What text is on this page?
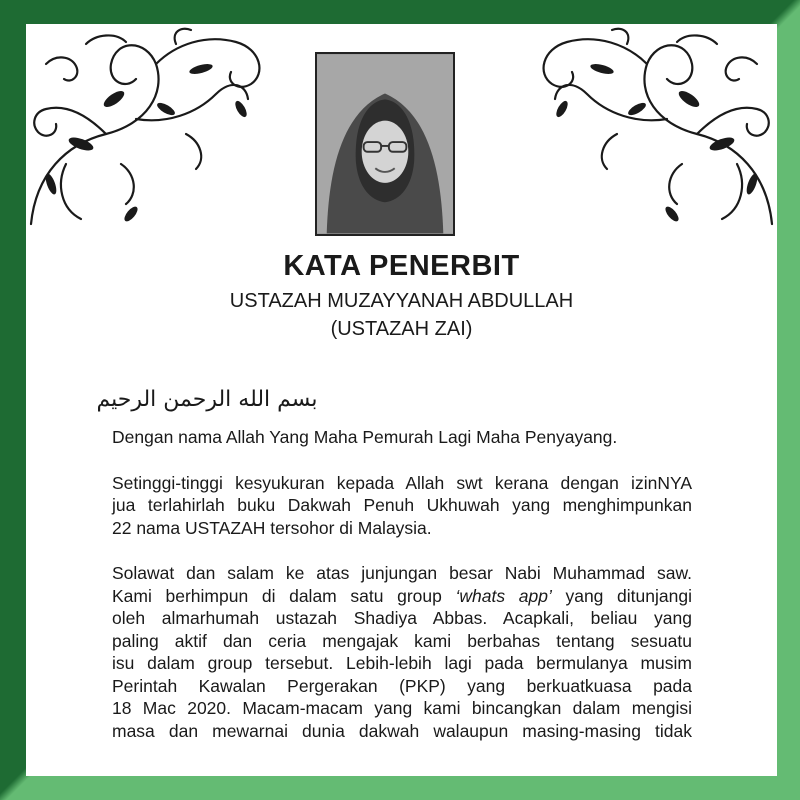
KATA PENERBIT
USTAZAH MUZAYYANAH ABDULLAH
(USTAZAH ZAI)
بسم الله الرحمن الرحيم

Dengan nama Allah Yang Maha Pemurah Lagi Maha Penyayang.

Setinggi-tinggi kesyukuran kepada Allah swt kerana dengan izinNYA
jua terlahirlah buku Dakwah Penuh Ukhuwah yang menghimpunkan
22 nama USTAZAH tersohor di Malaysia.

Solawat dan salam ke atas junjungan besar Nabi Muhammad saw.
Kami berhimpun di dalam satu group ‘whats app’ yang ditunjangi
oleh almarhumah ustazah Shadiya Abbas. Acapkali, beliau yang
paling aktif dan ceria mengajak kami berbahas tentang sesuatu
isu dalam group tersebut. Lebih-lebih lagi pada bermulanya musim
Perintah Kawalan Pergerakan (PKP) yang berkuatkuasa pada
18 Mac 2020. Macam-macam yang kami bincangkan dalam mengisi
masa dan mewarnai dunia dakwah walaupun masing-masing tidak
